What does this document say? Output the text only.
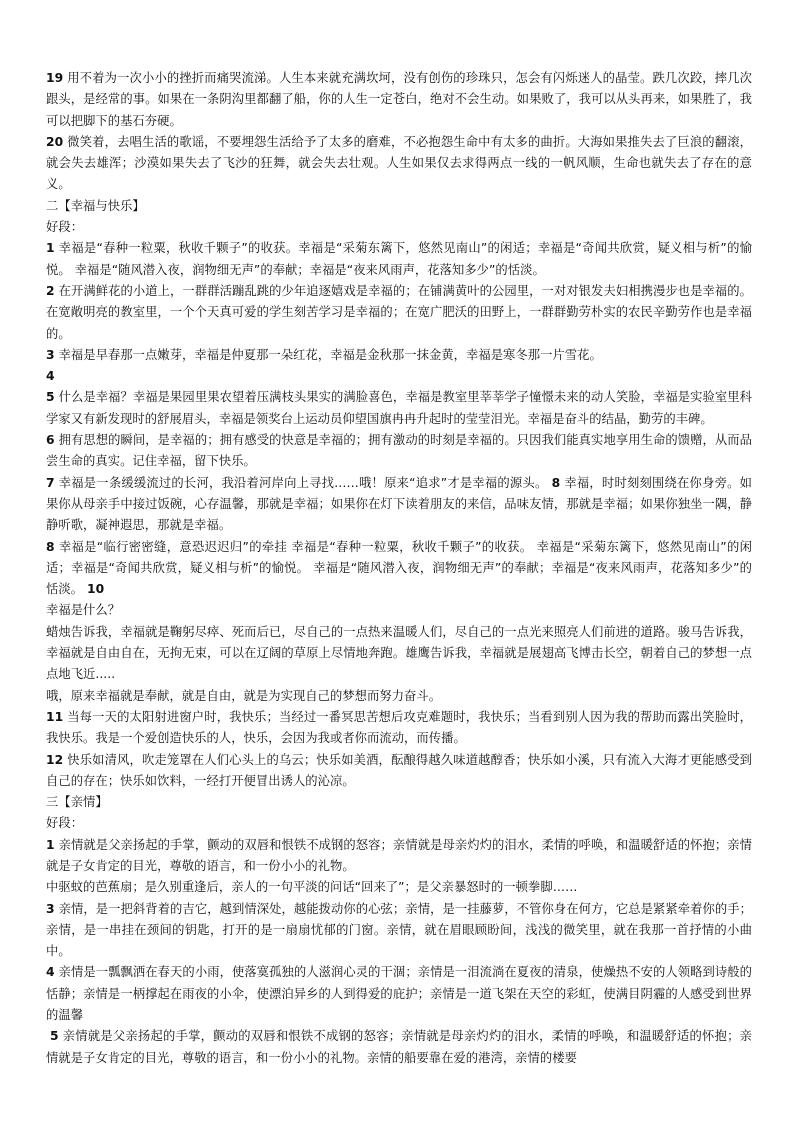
19 用不着为一次小小的挫折而痛哭流涕。人生本来就充满坎坷，没有创伤的珍珠只，怎会有闪烁迷人的晶莹。跌几次跤，摔几次跟头，是经常的事。如果在一条阴沟里都翻了船，你的人生一定苍白，绝对不会生动。如果败了，我可以从头再来，如果胜了，我可以把脚下的基石夯硬。

20 微笑着，去唱生活的歌谣，不要埋怨生活给予了太多的磨难，不必抱怨生命中有太多的曲折。大海如果推失去了巨浪的翻滚，就会失去雄浑；沙漠如果失去了飞沙的狂舞，就会失去壮观。人生如果仅去求得两点一线的一帆风顺，生命也就失去了存在的意义。

二【幸福与快乐】

好段：

1 幸福是“春种一粒粟，秋收千颗子”的收获。幸福是“采菊东篱下，悠然见南山”的闲适；幸福是“奇闻共欣赏，疑义相与析”的愉悦。 幸福是“随风潜入夜，润物细无声”的奉献；幸福是“夜来风雨声，花落知多少”的恬淡。

2 在开满鲜花的小道上，一群群活蹦乱跳的少年追逐嬉戏是幸福的；在铺满黄叶的公园里，一对对银发夫妇相携漫步也是幸福的。在宽敞明亮的教室里，一个个天真可爱的学生刻苦学习是幸福的；在宽广肥沃的田野上，一群群勤劳朴实的农民辛勤劳作也是幸福的。

3 幸福是早春那一点嫩芽，幸福是仲夏那一朵红花，幸福是金秋那一抹金黄，幸福是寒冬那一片雪花。

4

5 什么是幸福？幸福是果园里果农望着压满枝头果实的满脸喜色，幸福是教室里莘莘学子憧憬未来的动人笑脸，幸福是实验室里科学家又有新发现时的舒展眉头，幸福是领奖台上运动员仰望国旗冉冉升起时的莹莹泪光。幸福是奋斗的结晶，勤劳的丰碑。

6 拥有思想的瞬间，是幸福的；拥有感受的快意是幸福的；拥有激动的时刻是幸福的。只因我们能真实地享用生命的馈赠，从而品尝生命的真实。记住幸福，留下快乐。

7 幸福是一条缓缓流过的长河，我沿着河岸向上寻找……哦！原来“追求”才是幸福的源头。 8 幸福，时时刻刻围绕在你身旁。如果你从母亲手中接过饭碗，心存温馨，那就是幸福；如果你在灯下读着朋友的来信，品味友情，那就是幸福；如果你独坐一隅，静静听歌，凝神遐思，那就是幸福。

8 幸福是“临行密密缝，意恐迟迟归”的牵挂 幸福是“春种一粒粟，秋收千颗子”的收获。 幸福是“采菊东篱下，悠然见南山”的闲适；幸福是“奇闻共欣赏，疑义相与析”的愉悦。 幸福是“随风潜入夜，润物细无声”的奉献；幸福是“夜来风雨声，花落知多少”的恬淡。 10

幸福是什么？

蜡烛告诉我，幸福就是鞠躬尽瘁、死而后已，尽自己的一点热来温暖人们，尽自己的一点光来照亮人们前进的道路。骏马告诉我，幸福就是自由自在，无拘无束，可以在辽阔的草原上尽情地奔跑。雄鹰告诉我，幸福就是展翅高飞博击长空，朝着自己的梦想一点点地飞近.....

哦，原来幸福就是奉献，就是自由，就是为实现自己的梦想而努力奋斗。

11 当每一天的太阳射进窗户时，我快乐；当经过一番冥思苦想后攻克难题时，我快乐；当看到别人因为我的帮助而露出笑脸时，我快乐。我是一个爱创造快乐的人，快乐，会因为我或者你而流动，而传播。

12 快乐如清风，吹走笼罩在人们心头上的乌云；快乐如美酒，酝酿得越久味道越醇香；快乐如小溪，只有流入大海才更能感受到自己的存在；快乐如饮料，一经打开便冒出诱人的沁凉。

三【亲情】

好段：

1 亲情就是父亲扬起的手掌，颤动的双唇和恨铁不成钢的怒容；亲情就是母亲灼灼的泪水，柔情的呼唤，和温暖舒适的怀抱；亲情就是子女肯定的目光，尊敬的语言，和一份小小的礼物。

中驱蚊的芭蕉扇；是久别重逢后，亲人的一句平淡的问话“回来了”；是父亲暴怒时的一顿拳脚……

3 亲情，是一把斜背着的吉它，越到情深处，越能拨动你的心弦；亲情，是一挂藤萝，不管你身在何方，它总是紧紧牵着你的手；亲情，是一串挂在颈间的钥匙，打开的是一扇扇忧郁的门窗。亲情，就在眉眼顾盼间，浅浅的微笑里，就在我那一首抒情的小曲中。

4 亲情是一瓢飘洒在春天的小雨，使落寞孤独的人滋润心灵的干涸；亲情是一泪流淌在夏夜的清泉，使燥热不安的人领略到诗般的恬静；亲情是一柄撑起在雨夜的小伞，使漂泊异乡的人到得爱的庇护；亲情是一道飞架在天空的彩虹，使满目阴霾的人感受到世界的温馨

5 亲情就是父亲扬起的手掌，颤动的双唇和恨铁不成钢的怒容；亲情就是母亲灼灼的泪水，柔情的呼唤，和温暖舒适的怀抱；亲情就是子女肯定的目光，尊敬的语言，和一份小小的礼物。亲情的船要靠在爱的港湾，亲情的楼要
